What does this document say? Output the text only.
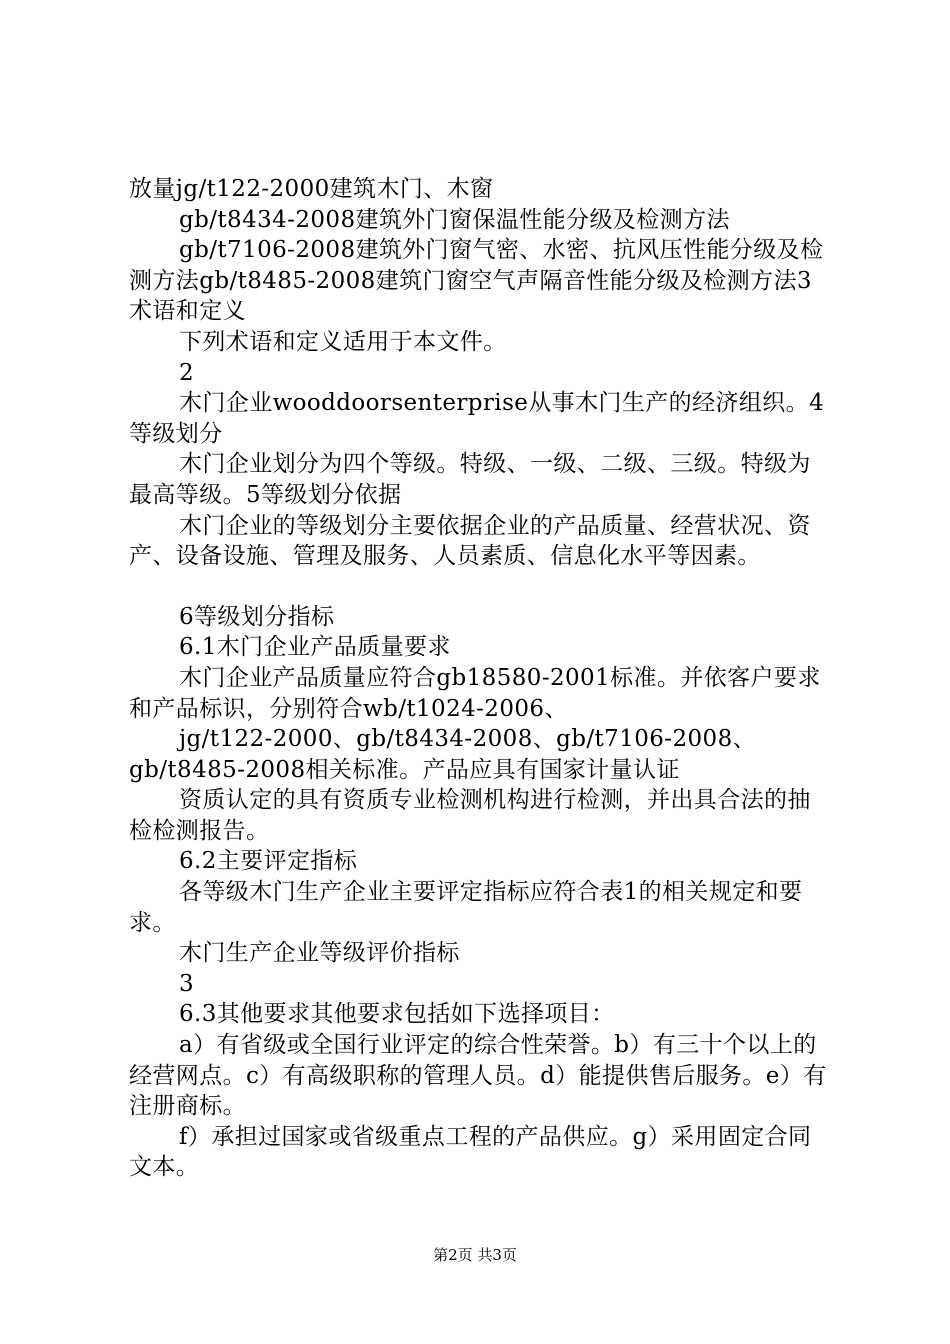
放量jg/t122-2000建筑木门、木窗

gb/t8434-2008建筑外门窗保温性能分级及检测方法

gb/t7106-2008建筑外门窗气密、水密、抗风压性能分级及检测方法gb/t8485-2008建筑门窗空气声隔音性能分级及检测方法3术语和定义

下列术语和定义适用于本文件。

2

木门企业wooddoorsenterprise从事木门生产的经济组织。4等级划分

木门企业划分为四个等级。特级、一级、二级、三级。特级为最高等级。5等级划分依据

木门企业的等级划分主要依据企业的产品质量、经营状况、资产、设备设施、管理及服务、人员素质、信息化水平等因素。

6等级划分指标

6.1木门企业产品质量要求

木门企业产品质量应符合gb18580-2001标准。并依客户要求和产品标识，分别符合wb/t1024-2006、

jg/t122-2000、gb/t8434-2008、gb/t7106-2008、gb/t8485-2008相关标准。产品应具有国家计量认证

资质认定的具有资质专业检测机构进行检测，并出具合法的抽检检测报告。

6.2主要评定指标

各等级木门生产企业主要评定指标应符合表1的相关规定和要求。

木门生产企业等级评价指标

3

6.3其他要求其他要求包括如下选择项目：

a）有省级或全国行业评定的综合性荣誉。b）有三十个以上的经营网点。c）有高级职称的管理人员。d）能提供售后服务。e）有注册商标。

f）承担过国家或省级重点工程的产品供应。g）采用固定合同文本。

第2页 共3页
